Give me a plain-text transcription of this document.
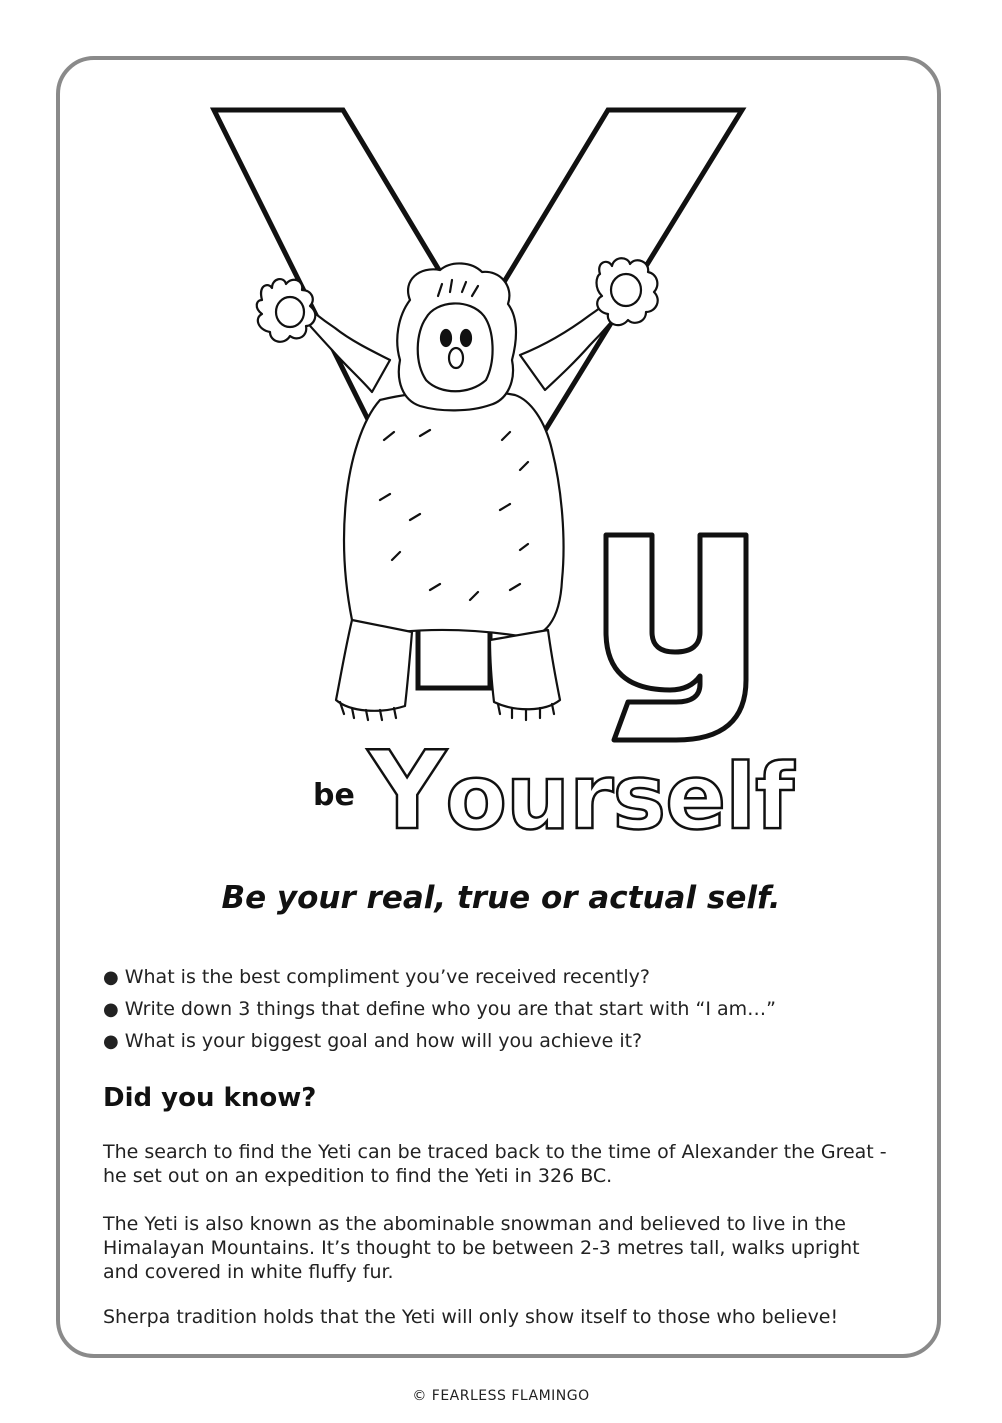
be Yourself
Be your real, true or actual self.
● What is the best compliment you’ve received recently?
● Write down 3 things that define who you are that start with “I am…”
● What is your biggest goal and how will you achieve it?
Did you know?

The search to find the Yeti can be traced back to the time of Alexander the Great - he set out on an expedition to find the Yeti in 326 BC.

The Yeti is also known as the abominable snowman and believed to live in the Himalayan Mountains. It’s thought to be between 2-3 metres tall, walks upright and covered in white fluffy fur.

Sherpa tradition holds that the Yeti will only show itself to those who believe!

© FEARLESS FLAMINGO
